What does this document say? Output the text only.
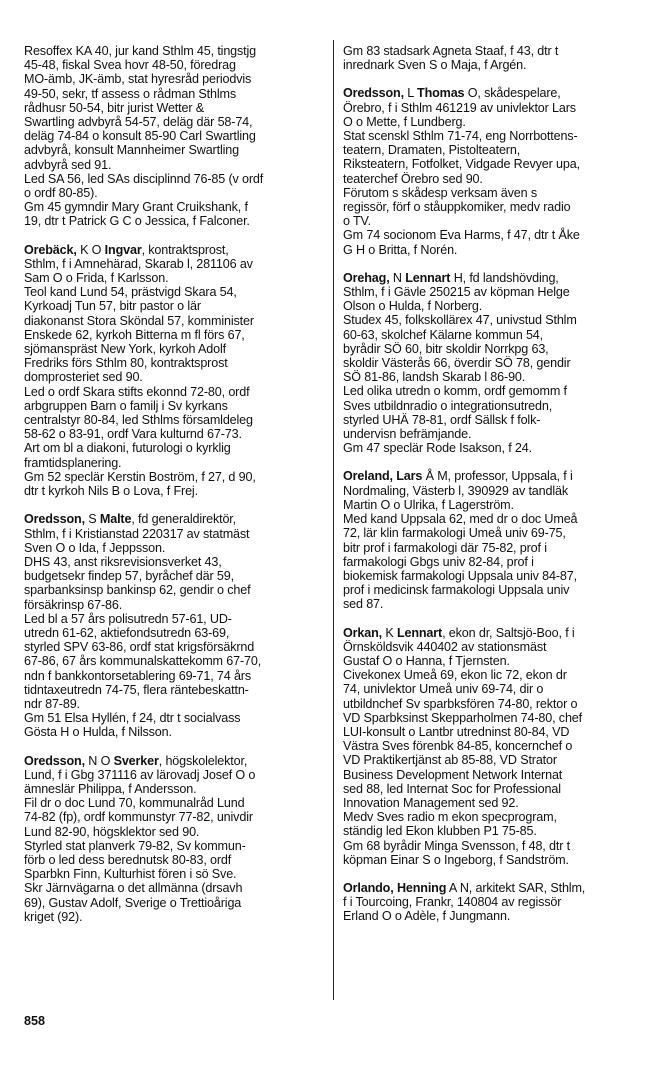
Resoffex KA 40, jur kand Sthlm 45, tingstjg
45-48, fiskal Svea hovr 48-50, föredrag
MO-ämb, JK-ämb, stat hyresråd periodvis
49-50, sekr, tf assess o rådman Sthlms
rådhusr 50-54, bitr jurist Wetter &
Swartling advbyrå 54-57, deläg där 58-74,
deläg 74-84 o konsult 85-90 Carl Swartling
advbyrå, konsult Mannheimer Swartling
advbyrå sed 91.

Led SA 56, led SAs disciplinnd 76-85 (v ordf
o ordf 80-85).

Gm 45 gymndir Mary Grant Cruikshank, f
19, dtr t Patrick G C o Jessica, f Falconer.

Orebäck, K O Ingvar, kontraktsprost,
Sthlm, f i Amnehärad, Skarab l, 281106 av
Sam O o Frida, f Karlsson.

Teol kand Lund 54, prästvigd Skara 54,
Kyrkoadj Tun 57, bitr pastor o lär
diakonanst Stora Sköndal 57, komminister
Enskede 62, kyrkoh Bitterna m fl förs 67,
sjömanspräst New York, kyrkoh Adolf
Fredriks förs Sthlm 80, kontraktsprost
domprosteriet sed 90.

Led o ordf Skara stifts ekonnd 72-80, ordf
arbgruppen Barn o familj i Sv kyrkans
centralstyr 80-84, led Sthlms församldeleg
58-62 o 83-91, ordf Vara kulturnd 67-73.
Art om bl a diakoni, futurologi o kyrklig
framtidsplanering.

Gm 52 speclär Kerstin Boström, f 27, d 90,
dtr t kyrkoh Nils B o Lova, f Frej.

Oredsson, S Malte, fd generaldirektör,
Sthlm, f i Kristianstad 220317 av statmäst
Sven O o Ida, f Jeppsson.

DHS 43, anst riksrevisionsverket 43,
budgetsekr findep 57, byråchef där 59,
sparbanksinsp bankinsp 62, gendir o chef
försäkrinsp 67-86.

Led bl a 57 års polisutredn 57-61, UD-
utredn 61-62, aktiefondsutredn 63-69,
styrled SPV 63-86, ordf stat krigsförsäkrnd
67-86, 67 års kommunalskattekomm 67-70,
ndn f bankkontorsetablering 69-71, 74 års
tidntaxeutredn 74-75, flera räntebeskattn-
ndr 87-89.

Gm 51 Elsa Hyllén, f 24, dtr t socialvass
Gösta H o Hulda, f Nilsson.

Oredsson, N O Sverker, högskolelektor,
Lund, f i Gbg 371116 av lärovadj Josef O o
ämneslär Philippa, f Andersson.

Fil dr o doc Lund 70, kommunalråd Lund
74-82 (fp), ordf kommunstyr 77-82, univdir
Lund 82-90, högsklektor sed 90.

Styrled stat planverk 79-82, Sv kommun-
förb o led dess berednutsk 80-83, ordf
Sparbkn Finn, Kulturhist fören i sö Sve.
Skr Järnvägarna o det allmänna (drsavh
69), Gustav Adolf, Sverige o Trettioåriga
kriget (92).

Gm 83 stadsark Agneta Staaf, f 43, dtr t
inrednark Sven S o Maja, f Argén.

Oredsson, L Thomas O, skådespelare,
Örebro, f i Sthlm 461219 av univlektor Lars
O o Mette, f Lundberg.

Stat scenskl Sthlm 71-74, eng Norrbottens-
teatern, Dramaten, Pistolteatern,
Riksteatern, Fotfolket, Vidgade Revyer upa,
teaterchef Örebro sed 90.

Förutom s skådesp verksam även s
regissör, förf o ståuppkomiker, medv radio
o TV.

Gm 74 socionom Eva Harms, f 47, dtr t Åke
G H o Britta, f Norén.

Orehag, N Lennart H, fd landshövding,
Sthlm, f i Gävle 250215 av köpman Helge
Olson o Hulda, f Norberg.

Studex 45, folkskollärex 47, univstud Sthlm
60-63, skolchef Kälarne kommun 54,
byrådir SÖ 60, bitr skoldir Norrkpg 63,
skoldir Västerås 66, överdir SÖ 78, gendir
SÖ 81-86, landsh Skarab l 86-90.

Led olika utredn o komm, ordf gemomm f
Sves utbildnradio o integrationsutredn,
styrled UHÄ 78-81, ordf Sällsk f folk-
undervisn befrämjande.

Gm 47 speclär Rode Isakson, f 24.

Oreland, Lars Å M, professor, Uppsala, f i
Nordmaling, Västerb l, 390929 av tandläk
Martin O o Ulrika, f Lagerström.

Med kand Uppsala 62, med dr o doc Umeå
72, lär klin farmakologi Umeå univ 69-75,
bitr prof i farmakologi där 75-82, prof i
farmakologi Gbgs univ 82-84, prof i
biokemisk farmakologi Uppsala univ 84-87,
prof i medicinsk farmakologi Uppsala univ
sed 87.

Orkan, K Lennart, ekon dr, Saltsjö-Boo, f i
Örnsköldsvik 440402 av stationsmäst
Gustaf O o Hanna, f Tjernsten.

Civekonex Umeå 69, ekon lic 72, ekon dr
74, univlektor Umeå univ 69-74, dir o
utbildnchef Sv sparbksfören 74-80, rektor o
VD Sparbksinst Skepparholmen 74-80, chef
LUI-konsult o Lantbr utredninst 80-84, VD
Västra Sves förenbk 84-85, koncernchef o
VD Praktikertjänst ab 85-88, VD Strator
Business Development Network Internat
sed 88, led Internat Soc for Professional
Innovation Management sed 92.

Medv Sves radio m ekon specprogram,
ständig led Ekon klubben P1 75-85.

Gm 68 byrådir Minga Svensson, f 48, dtr t
köpman Einar S o Ingeborg, f Sandström.

Orlando, Henning A N, arkitekt SAR, Sthlm,
f i Tourcoing, Frankr, 140804 av regissör
Erland O o Adèle, f Jungmann.

858
